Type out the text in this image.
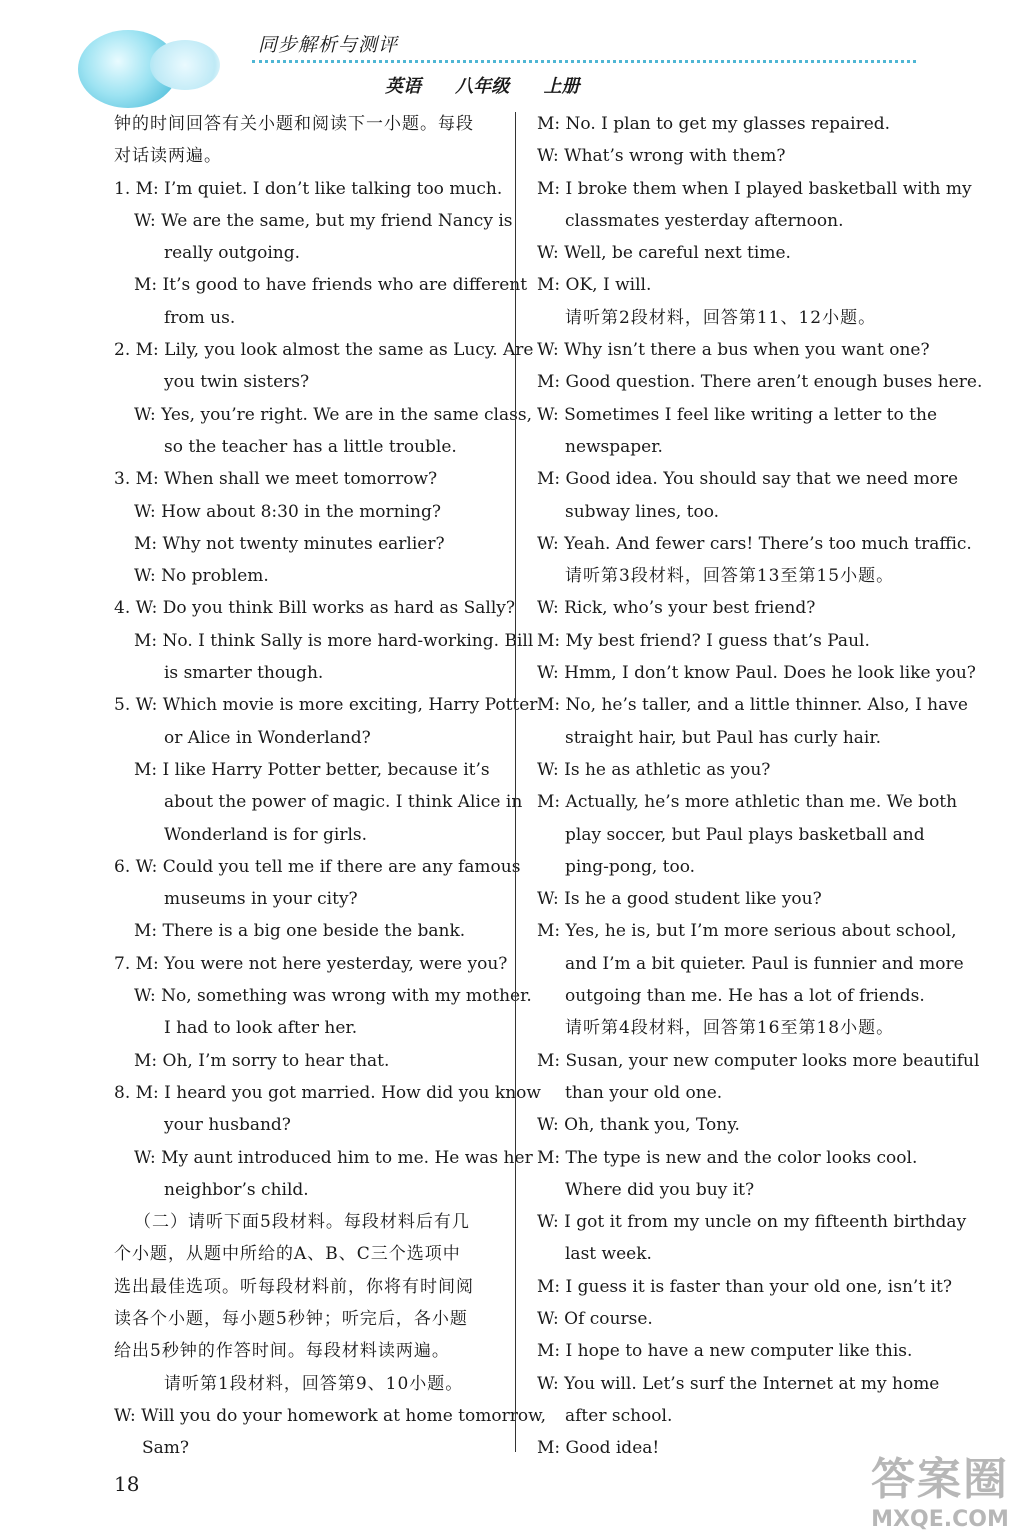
同步解析与测评
英语 八年级 上册
钟的时间回答有关小题和阅读下一小题。每段
对话读两遍。
1. M: I’m quiet. I don’t like talking too much.
W: We are the same, but my friend Nancy is
really outgoing.
M: It’s good to have friends who are different
from us.
2. M: Lily, you look almost the same as Lucy. Are
you twin sisters?
W: Yes, you’re right. We are in the same class,
so the teacher has a little trouble.
3. M: When shall we meet tomorrow?
W: How about 8:30 in the morning?
M: Why not twenty minutes earlier?
W: No problem.
4. W: Do you think Bill works as hard as Sally?
M: No. I think Sally is more hard-working. Bill
is smarter though.
5. W: Which movie is more exciting, Harry Potter
or Alice in Wonderland?
M: I like Harry Potter better, because it’s
about the power of magic. I think Alice in
Wonderland is for girls.
6. W: Could you tell me if there are any famous
museums in your city?
M: There is a big one beside the bank.
7. M: You were not here yesterday, were you?
W: No, something was wrong with my mother.
I had to look after her.
M: Oh, I’m sorry to hear that.
8. M: I heard you got married. How did you know
your husband?
W: My aunt introduced him to me. He was her
neighbor’s child.
（二）请听下面5段材料。每段材料后有几
个小题，从题中所给的A、B、C三个选项中
选出最佳选项。听每段材料前，你将有时间阅
读各个小题，每小题5秒钟；听完后，各小题
给出5秒钟的作答时间。每段材料读两遍。
请听第1段材料，回答第9、10小题。
W: Will you do your homework at home tomorrow,
Sam?
M: No. I plan to get my glasses repaired.
W: What’s wrong with them?
M: I broke them when I played basketball with my
classmates yesterday afternoon.
W: Well, be careful next time.
M: OK, I will.
请听第2段材料，回答第11、12小题。
W: Why isn’t there a bus when you want one?
M: Good question. There aren’t enough buses here.
W: Sometimes I feel like writing a letter to the
newspaper.
M: Good idea. You should say that we need more
subway lines, too.
W: Yeah. And fewer cars! There’s too much traffic.
请听第3段材料，回答第13至第15小题。
W: Rick, who’s your best friend?
M: My best friend? I guess that’s Paul.
W: Hmm, I don’t know Paul. Does he look like you?
M: No, he’s taller, and a little thinner. Also, I have
straight hair, but Paul has curly hair.
W: Is he as athletic as you?
M: Actually, he’s more athletic than me. We both
play soccer, but Paul plays basketball and
ping-pong, too.
W: Is he a good student like you?
M: Yes, he is, but I’m more serious about school,
and I’m a bit quieter. Paul is funnier and more
outgoing than me. He has a lot of friends.
请听第4段材料，回答第16至第18小题。
M: Susan, your new computer looks more beautiful
than your old one.
W: Oh, thank you, Tony.
M: The type is new and the color looks cool.
Where did you buy it?
W: I got it from my uncle on my fifteenth birthday
last week.
M: I guess it is faster than your old one, isn’t it?
W: Of course.
M: I hope to have a new computer like this.
W: You will. Let’s surf the Internet at my home
after school.
M: Good idea!
18	答案圈
MXQE.COM
